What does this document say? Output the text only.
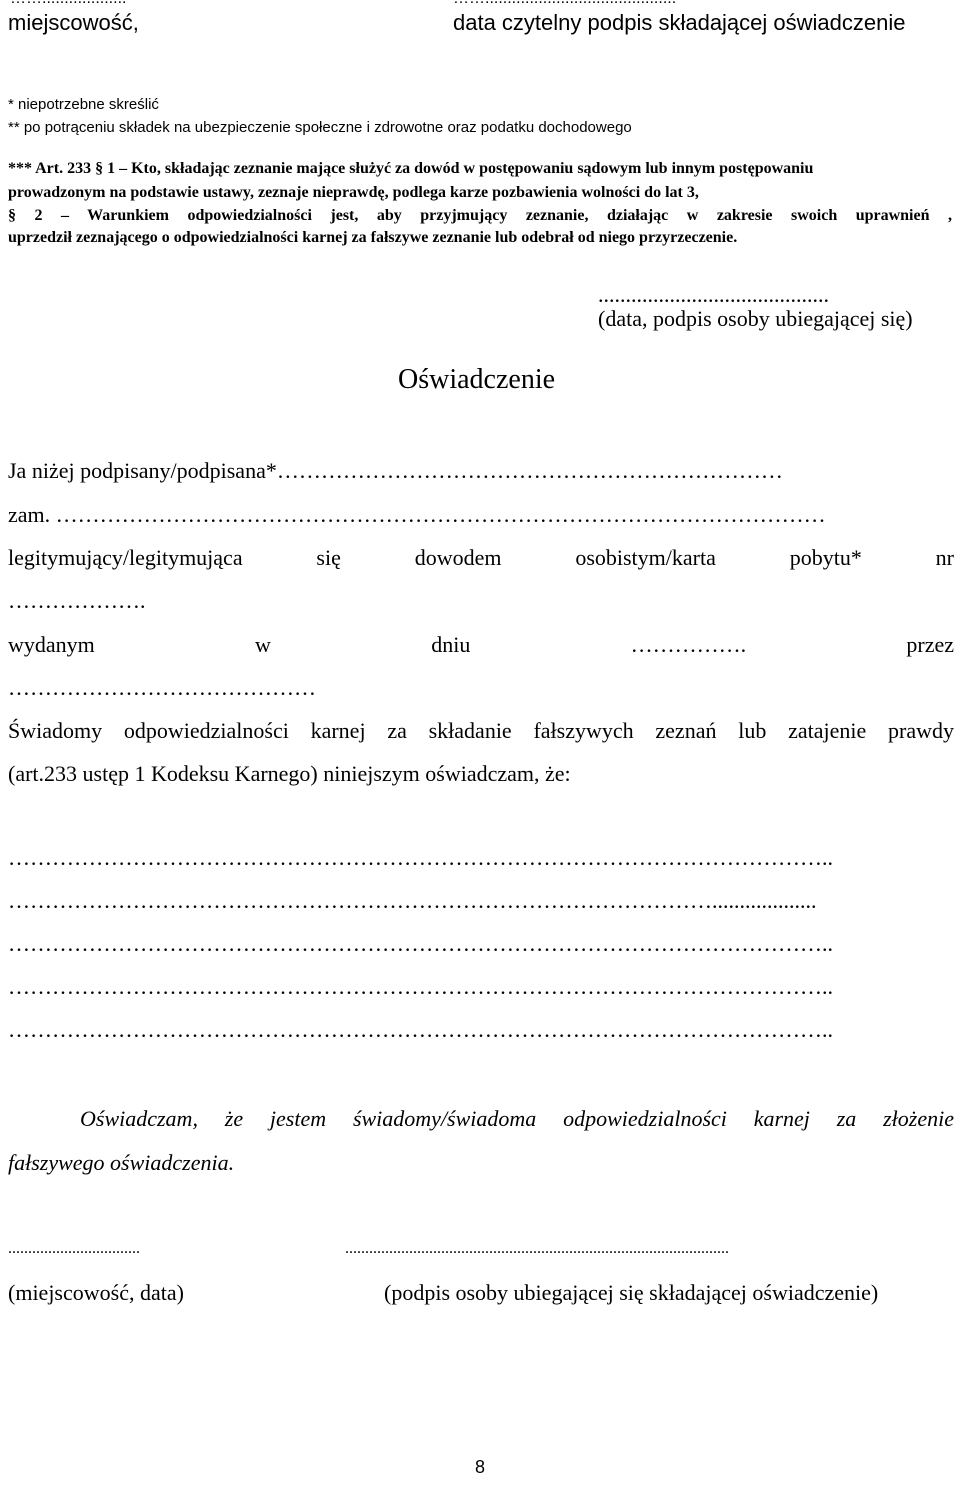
miejscowość,	data czytelny podpis składającej oświadczenie
* niepotrzebne skreślić
** po potrąceniu składek na ubezpieczenie społeczne i zdrowotne oraz podatku dochodowego
*** Art. 233 § 1 – Kto, składając zeznanie mające służyć za dowód w postępowaniu sądowym lub innym postępowaniu
prowadzonym na podstawie ustawy, zeznaje nieprawdę, podlega karze pozbawienia wolności do lat 3,
§ 2 – Warunkiem odpowiedzialności jest, aby przyjmujący zeznanie, działając w zakresie swoich uprawnień ,
uprzedził zeznającego o odpowiedzialności karnej za fałszywe zeznanie lub odebrał od niego przyrzeczenie.
..........................................
(data, podpis osoby ubiegającej się)
Oświadczenie
Ja niżej podpisany/podpisana*……………………………………………………………
zam. ……………………………………………………………………………………………
legitymujący/legitymująca się dowodem osobistym/karta pobytu* nr
……………….
wydanym w dniu ……………. przez
……………………………………
Świadomy odpowiedzialności karnej za składanie fałszywych zeznań lub zatajenie prawdy
(art.233 ustęp 1 Kodeksu Karnego) niniejszym oświadczam, że:
…………………………………………………………………………………………………..
……………………………………………………………………………………...................
…………………………………………………………………………………………………..
…………………………………………………………………………………………………..
…………………………………………………………………………………………………..
Oświadczam, że jestem świadomy/świadoma odpowiedzialności karnej za złożenie
fałszywego oświadczenia.
.................................	................................................................................................
(miejscowość, data)	(podpis osoby ubiegającej się składającej oświadczenie)
8
